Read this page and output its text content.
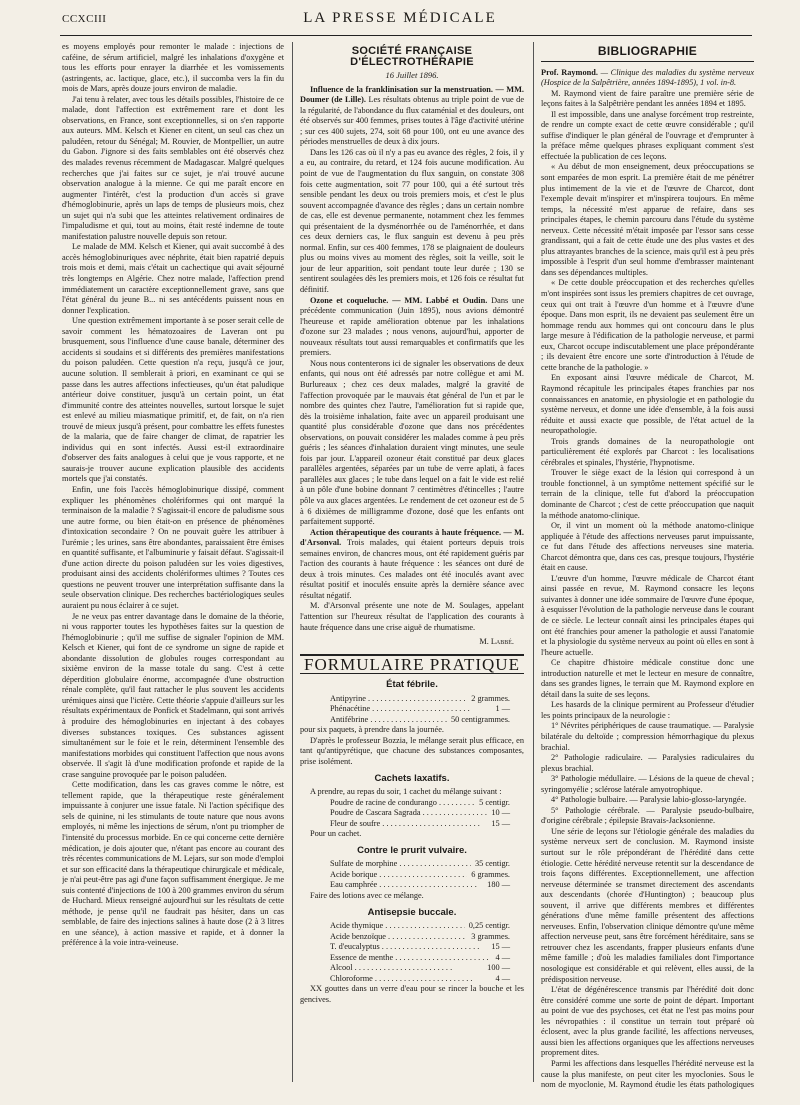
CCXCIII	LA PRESSE MÉDICALE

es moyens employés pour remonter le malade : injections de caféine, de sérum artificiel, malgré les inhalations d'oxygène et tous les efforts pour enrayer la diarrhée et les vomissements (astringents, ac. lactique, glace, etc.), il succomba vers la fin du mois de Mars, après douze jours environ de maladie.

J'ai tenu à relater, avec tous les détails possibles, l'histoire de ce malade, dont l'affection est extrêmement rare et dont les observations, en France, sont exceptionnelles, si on s'en rapporte aux auteurs. MM. Kelsch et Kiener en citent, un seul cas chez un paludéen, retour du Sénégal; M. Rouvier, de Montpellier, un autre du Gabon. J'ignore si des faits semblables ont été observés chez des malades revenus récemment de Madagascar. Malgré quelques recherches que j'ai faites sur ce sujet, je n'ai trouvé aucune observation analogue à la mienne. Ce qui me paraît encore en augmenter l'intérêt, c'est la production d'un accès si grave d'hémoglobinurie, après un laps de temps de plusieurs mois, chez un sujet qui n'a subi que les atteintes relativement ordinaires de l'impaludisme et qui, tout au moins, était resté indemne de toute manifestation palustre nouvelle depuis son retour.

Le malade de MM. Kelsch et Kiener, qui avait succombé à des accès hémoglobinuriques avec néphrite, était bien rapatrié depuis trois mois et demi, mais c'était un cachectique qui avait séjourné très longtemps en Algérie. Chez notre malade, l'affection prend immédiatement un caractère exceptionnellement grave, sans que l'état général du jeune B... ni ses antécédents puissent nous en donner l'explication.

Une question extrêmement importante à se poser serait celle de savoir comment les hématozoaires de Laveran ont pu brusquement, sous l'influence d'une cause banale, déterminer des accidents si soudains et si différents des premières manifestations du poison paludéen. Cette question n'a reçu, jusqu'à ce jour, aucune solution. Il semblerait à priori, en examinant ce qui se passe dans les autres affections infectieuses, qu'un état paludique antérieur doive constituer, jusqu'à un certain point, un état d'immunité contre des atteintes nouvelles, surtout lorsque le sujet est enlevé au milieu miasmatique primitif, et, de fait, on n'a rien trouvé de mieux jusqu'à présent, pour combattre les effets funestes de la malaria, que de faire changer de climat, de rapatrier les individus qui en sont infectés. Aussi est-il extraordinaire d'observer des faits analogues à celui que je vous rapporte, et ne saurais-je trouver aucune explication plausible des accidents mortels que j'ai constatés.

Enfin, une fois l'accès hémoglobinurique dissipé, comment expliquer les phénomènes cholériformes qui ont marqué la terminaison de la maladie ? S'agissait-il encore de paludisme sous une autre forme, ou bien était-on en présence de phénomènes d'intoxication secondaire ? On ne pouvait guère les attribuer à l'urémie ; les urines, sans être abondantes, paraissaient être émises en quantité suffisante, et l'albuminurie y faisait défaut. S'agissait-il d'une action directe du poison paludéen sur les voies digestives, produisant ainsi des accidents cholériformes ultimes ? Toutes ces questions ne peuvent trouver une interprétation suffisante dans la seule observation clinique. Des recherches bactériologiques seules auraient pu nous éclairer à ce sujet.

Je ne veux pas entrer davantage dans le domaine de la théorie, ni vous rapporter toutes les hypothèses faites sur la question de l'hémoglobinurie ; qu'il me suffise de signaler l'opinion de MM. Kelsch et Kiener, qui font de ce syndrome un signe de rapide et abondante dissolution de globules rouges correspondant au sixième environ de la masse totale du sang. C'est à cette déperdition globulaire énorme, accompagnée d'une obstruction rénale complète, qu'il faut rattacher le plus souvent les accidents urémiques ainsi que l'ictère. Cette théorie s'appuie d'ailleurs sur les résultats expérimentaux de Ponfick et Stadelmann, qui sont arrivés à produire des hémoglobinuries en injectant à des cobayes diverses substances toxiques. Ces substances agissent simultanément sur le foie et le rein, déterminent l'ensemble des manifestations morbides qui constituent l'affection que nous avons observée. Il s'agit là d'une modification profonde et rapide de la crase sanguine provoquée par le poison paludéen.

Cette modification, dans les cas graves comme le nôtre, est tellement rapide, que la thérapeutique reste généralement impuissante à conjurer une issue fatale. Ni l'action spécifique des sels de quinine, ni les stimulants de toute nature que nous avons employés, ni même les injections de sérum, n'ont pu triompher de l'intensité du processus morbide. En ce qui concerne cette dernière médication, je dois ajouter que, n'étant pas encore au courant des très récentes communications de M. Lejars, sur son mode d'emploi et sur son efficacité dans la thérapeutique chirurgicale et médicale, je n'ai peut-être pas agi d'une façon suffisamment énergique. Je me suis contenté d'injections de 100 à 200 grammes environ du sérum de Huchard. Mieux renseigné aujourd'hui sur les résultats de cette méthode, je pense qu'il ne faudrait pas hésiter, dans un cas semblable, de faire des injections salines à haute dose (2 à 3 litres en une séance), à action massive et rapide, et à donner la préférence à la voie intra-veineuse.

SOCIÉTÉ FRANÇAISE D'ÉLECTROTHÉRAPIE
16 Juillet 1896.

Influence de la franklinisation sur la menstruation. — MM. Doumer (de Lille). Les résultats obtenus au triple point de vue de la régularité, de l'abondance du flux cataménial et des douleurs, ont été observés sur 400 femmes, prises toutes à l'âge d'activité utérine ; sur ces 400 sujets, 274, soit 68 pour 100, ont eu une avance des périodes menstruelles de deux à dix jours.

Dans les 126 cas où il n'y a pas eu avance des règles, 2 fois, il y a eu, au contraire, du retard, et 124 fois aucune modification. Au point de vue de l'augmentation du flux sanguin, on constate 308 fois cette augmentation, soit 77 pour 100, qui a été surtout très sensible pendant les deux ou trois premiers mois, et c'est le plus souvent accompagnée d'avance des règles ; dans un certain nombre de cas, elle est devenue permanente, notamment chez les femmes qui présentaient de la dysménorrhée ou de l'aménorrhée, et dans ces deux derniers cas, le flux sanguin est devenu à peu près normal. Enfin, sur ces 400 femmes, 178 se plaignaient de douleurs plus ou moins vives au moment des règles, soit la veille, soit le jour de leur apparition, soit pendant toute leur durée ; 130 se sentirent soulagées dès les premiers mois, et 126 fois ce résultat fut définitif.

Ozone et coqueluche. — MM. Labbé et Oudin. Dans une précédente communication (Juin 1895), nous avions démontré l'heureuse et rapide amélioration obtenue par les inhalations d'ozone sur 23 malades ; nous venons, aujourd'hui, apporter de nouveaux résultats tout aussi remarquables et confirmatifs que les premiers.

Nous nous contenterons ici de signaler les observations de deux enfants, qui nous ont été adressés par notre collègue et ami M. Burlureaux ; chez ces deux malades, malgré la gravité de l'affection provoquée par le mauvais état général de l'un et par le nombre des quintes chez l'autre, l'amélioration fut si rapide que, dès la troisième inhalation, faite avec un appareil produisant une quantité plus considérable d'ozone que dans nos précédentes observations, on pouvait considérer les malades comme à peu près guéris ; les séances d'inhalation duraient vingt minutes, une seule fois par jour. L'appareil ozoneur était constitué par deux glaces parallèles argentées, séparées par un tube de verre aplati, à faces parallèles aux glaces ; le tube dans lequel on a fait le vide est relié à un pôle d'une bobine donnant 7 centimètres d'étincelles ; l'autre pôle va aux glaces argentées. Le rendement de cet ozoneur est de 5 à 6 dixièmes de milligramme d'ozone, dosé que les enfants ont parfaitement supporté.

Action thérapeutique des courants à haute fréquence. — M. d'Arsonval. Trois malades, qui étaient porteurs depuis trois semaines environ, de chancres mous, ont été rapidement guéris par l'action des courants à haute fréquence : les séances ont duré de deux à trois minutes. Ces malades ont été inoculés avant avec résultat positif et inoculés ensuite après la dernière séance avec résultat négatif.

M. d'Arsonval présente une note de M. Soulages, appelant l'attention sur l'heureux résultat de l'application des courants à haute fréquence dans une crise aiguë de rhumatisme.

M. Labbé.
FORMULAIRE PRATIQUE
État fébrile.
Antipyrine . . .	2 grammes.
Phénacétine . . .	1 —
Antifébrine . . .	50 centigrammes.

pour six paquets, à prendre dans la journée.

D'après le professeur Bozzia, le mélange serait plus efficace, en tant qu'antipyrétique, que chacune des substances composantes, prise isolément.

Cachets laxatifs.

A prendre, au repas du soir, 1 cachet du mélange suivant :

Poudre de racine de condurango . . .	5 centigr.
Poudre de Cascara Sagrada . . .	10 —
Fleur de soufre . . .	15 —

Pour un cachet.

Contre le prurit vulvaire.
Sulfate de morphine . . .	35 centigr.
Acide borique . . .	6 grammes.
Eau camphrée . . .	180 —

Faire des lotions avec ce mélange.

Antisepsie buccale.
Acide thymique . . .	0,25 centigr.
Acide benzoïque . . .	3 grammes.
T. d'eucalyptus . . .	15 —
Essence de menthe . . .	4 —
Alcool . . .	100 —
Chloroforme . . .	4 —

XX gouttes dans un verre d'eau pour se rincer la bouche et les gencives.

BIBLIOGRAPHIE

Prof. Raymond. — Clinique des maladies du système nerveux (Hospice de la Salpêtrière, années 1894-1895), 1 vol. in-8.

M. Raymond vient de faire paraître une première série de leçons faites à la Salpêtrière pendant les années 1894 et 1895.

Il est impossible, dans une analyse forcément trop restreinte, de rendre un compte exact de cette œuvre considérable ; qu'il suffise d'indiquer le plan général de l'ouvrage et d'emprunter à la préface même quelques phrases expliquant comment s'est effectuée la publication de ces leçons.

« Au début de mon enseignement, deux préoccupations se sont emparées de mon esprit. La première était de me pénétrer plus intimement de la vie et de l'œuvre de Charcot, dont l'exemple devait m'inspirer et m'inspirera toujours. En même temps, la nécessité m'est apparue de refaire, dans ses principales étapes, le chemin parcouru dans l'étude du système nerveux. Cette nécessité m'était imposée par l'essor sans cesse grandissant, qui a fait de cette étude une des plus vastes et des plus attrayantes branches de la science, mais qu'il est à peu près impossible à l'esprit d'un seul homme d'embrasser maintenant dans ses dépendances multiples.

« De cette double préoccupation et des recherches qu'elles m'ont inspirées sont issus les premiers chapitres de cet ouvrage, ceux qui ont trait à l'œuvre d'un homme et à l'œuvre d'une époque. Dans mon esprit, ils ne devaient pas seulement être un hommage rendu aux hommes qui ont concouru dans le plus large mesure à l'édification de la pathologie nerveuse, et parmi eux, Charcot occupe indiscutablement une place prépondérante ; ils devaient être encore une sorte d'introduction à l'étude de cette branche de la pathologie. »

En exposant ainsi l'œuvre médicale de Charcot, M. Raymond récapitule les principales étapes franchies par nos connaissances en anatomie, en physiologie et en pathologie du système nerveux, et donne une idée d'ensemble, à la fois aussi réduite et aussi exacte que possible, de l'état actuel de la neuropathologie.

Trois grands domaines de la neuropathologie ont particulièrement été explorés par Charcot : les localisations cérébrales et spinales, l'hystérie, l'hypnotisme.

Trouver le siège exact de la lésion qui correspond à un trouble fonctionnel, à un symptôme nettement spécifié sur le terrain de la clinique, telle fut d'abord la préoccupation dominante de Charcot ; c'est de cette préoccupation que naquit la méthode anatomo-clinique.

Or, il vint un moment où la méthode anatomo-clinique appliquée à l'étude des affections nerveuses parut impuissante, ce fut dans l'étude des affections nerveuses sine materia. Charcot démontra que, dans ces cas, presque toujours, l'hystérie était en cause.

L'œuvre d'un homme, l'œuvre médicale de Charcot étant ainsi passée en revue, M. Raymond consacre les leçons suivantes à donner une idée sommaire de l'œuvre d'une époque, à esquisser l'évolution de la pathologie nerveuse dans le courant de ce siècle. Le lecteur connaît ainsi les principales étapes qui ont été franchies pour amener la pathologie et aussi l'anatomie et la physiologie du système nerveux au point où elles en sont à l'heure actuelle.

Ce chapitre d'histoire médicale constitue donc une introduction naturelle et met le lecteur en mesure de connaître, dans ses grandes lignes, le terrain que M. Raymond explore en détail dans la suite de ses leçons.

Les hasards de la clinique permirent au Professeur d'étudier les points principaux de la neurologie :

1° Névrites périphériques de cause traumatique. — Paralysie bilatérale du deltoïde ; compression hémorrhagique du plexus brachial.

2° Pathologie radiculaire. — Paralysies radiculaires du plexus brachial.

3° Pathologie médullaire. — Lésions de la queue de cheval ; syringomyélie ; sclérose latérale amyotrophique.

4° Pathologie bulbaire. — Paralysie labio-glosso-laryngée.

5° Pathologie cérébrale. — Paralysie pseudo-bulbaire, d'origine cérébrale ; épilepsie Bravais-Jacksonienne.

Une série de leçons sur l'étiologie générale des maladies du système nerveux sert de conclusion. M. Raymond insiste surtout sur le rôle prépondérant de l'hérédité dans cette étiologie. Cette hérédité nerveuse retentit sur la descendance de trois façons différentes. Exceptionnellement, une affection nerveuse déterminée se transmet directement des ascendants aux descendants (chorée d'Huntington) ; beaucoup plus souvent, il arrive que différents membres et différentes générations d'une même famille présentent des affections nerveuses. Enfin, l'observation clinique démontre qu'une même affection nerveuse peut, sans être forcément héréditaire, sans se retrouver chez les ascendants, frapper plusieurs enfants d'une même famille ; d'où les maladies familiales dont l'importance nosologique est considérable et qui relèvent, elles aussi, de la prédisposition nerveuse.

L'état de dégénérescence transmis par l'hérédité doit donc être considéré comme une sorte de point de départ. Important au point de vue des psychoses, cet état ne l'est pas moins pour les névropathies : il constitue un terrain tout préparé où éclosent, avec la plus grande facilité, les affections nerveuses, aussi bien les affections organiques que les affections nerveuses proprement dites.

Parmi les affections dans lesquelles l'hérédité nerveuse est la cause la plus manifeste, on peut citer les myoclonies. Sous le nom de myoclonie, M. Raymond étudie les états pathologiques
